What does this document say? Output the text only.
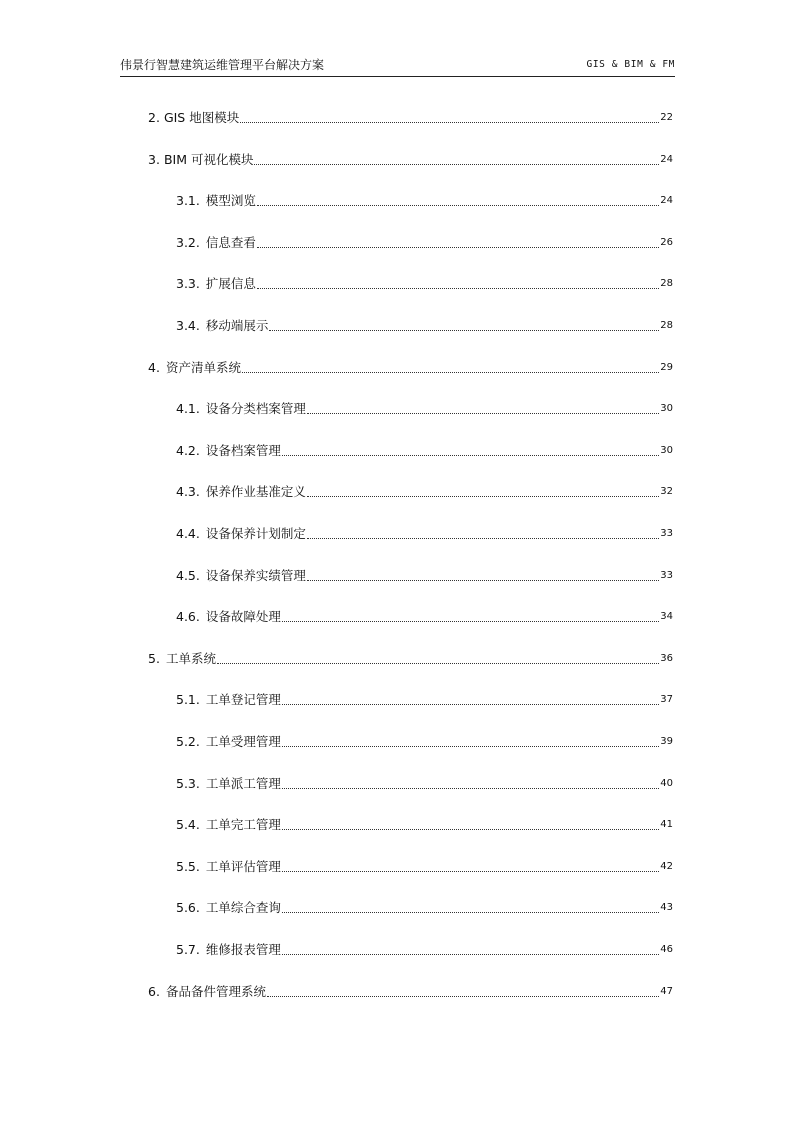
伟景行智慧建筑运维管理平台解决方案	GIS & BIM & FM
2. GIS 地图模块	22
3. BIM 可视化模块	24
3.1. 模型浏览	24
3.2. 信息查看	26
3.3. 扩展信息	28
3.4. 移动端展示	28
4. 资产清单系统	29
4.1. 设备分类档案管理	30
4.2. 设备档案管理	30
4.3. 保养作业基准定义	32
4.4. 设备保养计划制定	33
4.5. 设备保养实绩管理	33
4.6. 设备故障处理	34
5. 工单系统	36
5.1. 工单登记管理	37
5.2. 工单受理管理	39
5.3. 工单派工管理	40
5.4. 工单完工管理	41
5.5. 工单评估管理	42
5.6. 工单综合查询	43
5.7. 维修报表管理	46
6. 备品备件管理系统	47
